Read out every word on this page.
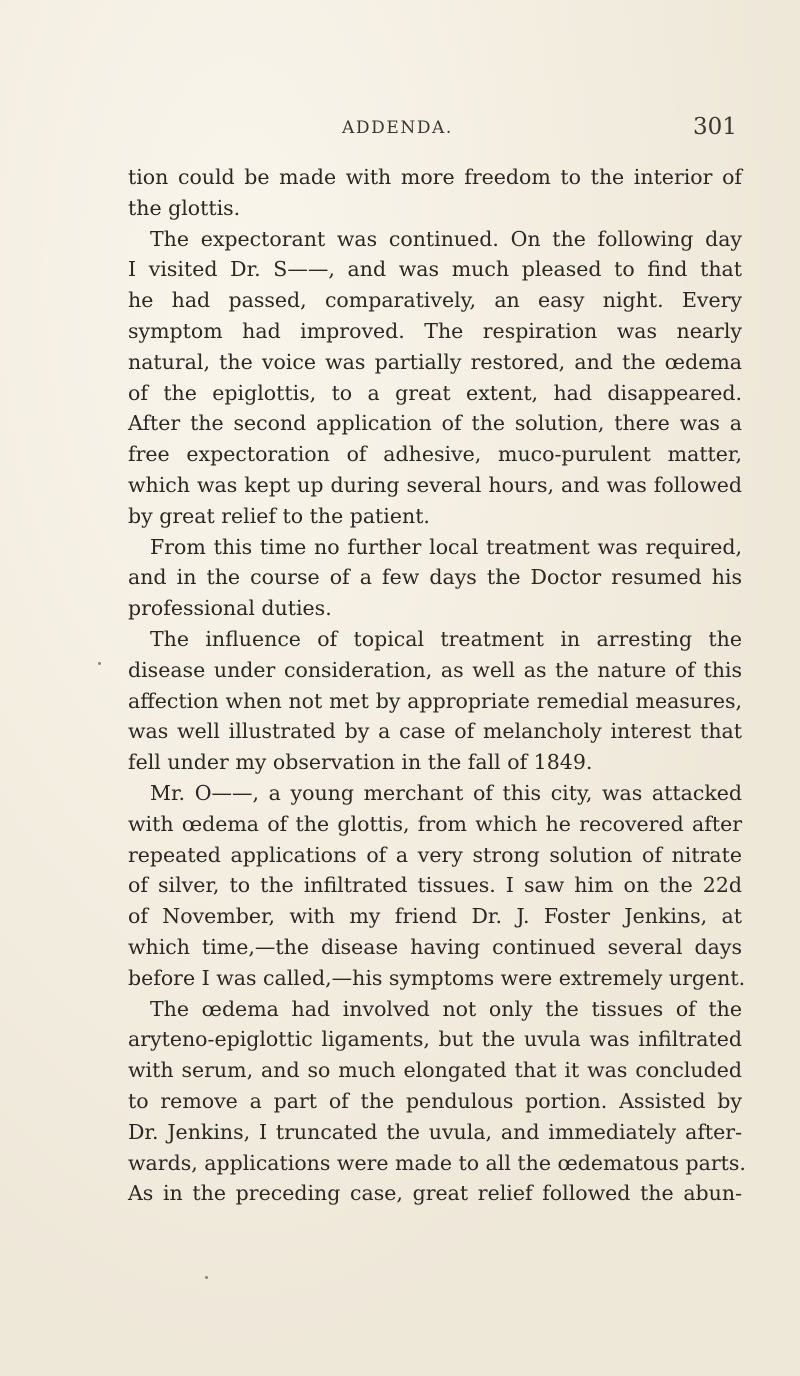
ADDENDA.	301
tion could be made with more freedom to the interior of
the glottis.
The expectorant was continued. On the following day
I visited Dr. S——, and was much pleased to find that
he had passed, comparatively, an easy night. Every
symptom had improved. The respiration was nearly
natural, the voice was partially restored, and the œdema
of the epiglottis, to a great extent, had disappeared.
After the second application of the solution, there was a
free expectoration of adhesive, muco-purulent matter,
which was kept up during several hours, and was followed
by great relief to the patient.
From this time no further local treatment was required,
and in the course of a few days the Doctor resumed his
professional duties.
The influence of topical treatment in arresting the
disease under consideration, as well as the nature of this
affection when not met by appropriate remedial measures,
was well illustrated by a case of melancholy interest that
fell under my observation in the fall of 1849.
Mr. O——, a young merchant of this city, was attacked
with œdema of the glottis, from which he recovered after
repeated applications of a very strong solution of nitrate
of silver, to the infiltrated tissues. I saw him on the 22d
of November, with my friend Dr. J. Foster Jenkins, at
which time,—the disease having continued several days
before I was called,—his symptoms were extremely urgent.
The œdema had involved not only the tissues of the
aryteno-epiglottic ligaments, but the uvula was infiltrated
with serum, and so much elongated that it was concluded
to remove a part of the pendulous portion. Assisted by
Dr. Jenkins, I truncated the uvula, and immediately after-
wards, applications were made to all the œdematous parts.
As in the preceding case, great relief followed the abun-
